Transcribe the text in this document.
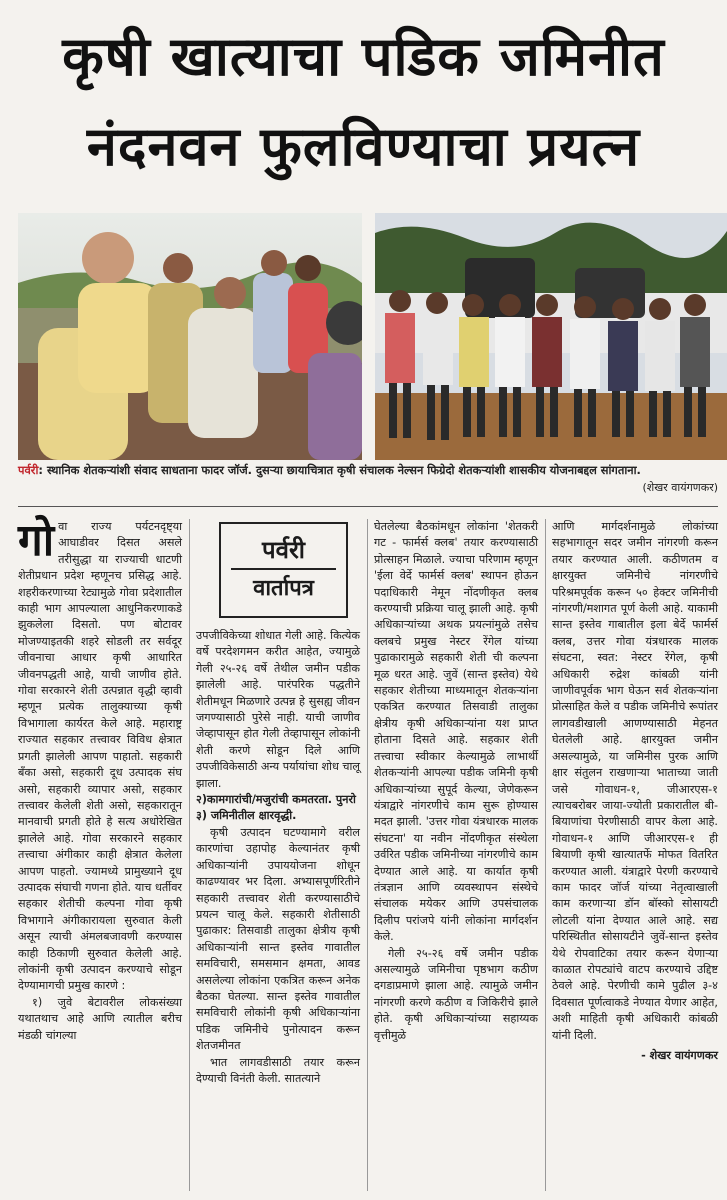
कृषी खात्याचा पडिक जमिनीत
नंदनवन फुलविण्याचा प्रयत्न
पर्वरी: स्थानिक शेतकऱ्यांशी संवाद साधताना फादर जॉर्ज. दुसऱ्या छायाचित्रात कृषी संचालक नेल्सन फिग्रेदो शेतकऱ्यांशी शासकीय योजनाबद्दल सांगताना.
(शेखर वायंगणकर)

गोवा राज्य पर्यटनदृष्ट्या आघाडीवर दिसत असले तरीसुद्धा या राज्याची धाटणी शेतीप्रधान प्रदेश म्हणूनच प्रसिद्ध आहे. शहरीकरणाच्या रेट्यामुळे गोवा प्रदेशातील काही भाग आपल्याला आधुनिकरणाकडे झुकलेला दिसतो. पण बोटावर मोजण्याइतकी शहरे सोडली तर सर्वदूर जीवनाचा आधार कृषी आधारित जीवनपद्धती आहे, याची जाणीव होते. गोवा सरकारने शेती उत्पन्नात वृद्धी व्हावी म्हणून प्रत्येक तालुक्याच्या कृषी विभागाला कार्यरत केले आहे. महाराष्ट्र राज्यात सहकार तत्त्वावर विविध क्षेत्रात प्रगती झालेली आपण पाहातो. सहकारी बँका असो, सहकारी दूध उत्पादक संघ असो, सहकारी व्यापार असो, सहकार तत्त्वावर केलेली शेती असो, सहकारातून मानवाची प्रगती होते हे सत्य अधोरेखित झालेले आहे. गोवा सरकारने सहकार तत्त्वाचा अंगीकार काही क्षेत्रात केलेला आपण पाहतो. ज्यामध्ये प्रामुख्याने दूध उत्पादक संघाची गणना होते. याच धर्तीवर सहकार शेतीची कल्पना गोवा कृषी विभागाने अंगीकारायला सुरुवात केली असून त्याची अंमलबजावणी करण्यास काही ठिकाणी सुरुवात केलेली आहे. लोकांनी कृषी उत्पादन करण्याचे सोडून देण्यामागची प्रमुख कारणे :

१) जुवे बेटावरील लोकसंख्या यथातथाच आहे आणि त्यातील बरीच मंडळी चांगल्या

पर्वरी
वार्तापत्र

उपजीविकेच्या शोधात गेली आहे. कित्येक वर्षे परदेशगमन करीत आहेत, ज्यामुळे गेली २५-२६ वर्षे तेथील जमीन पडीक झालेली आहे. पारंपरिक पद्धतीने शेतीमधून मिळणारे उत्पन्न हे सुसह्य जीवन जगण्यासाठी पुरेसे नाही. याची जाणीव जेव्हापासून होत गेली तेव्हापासून लोकांनी शेती करणे सोडून दिले आणि उपजीविकेसाठी अन्य पर्यायांचा शोध चालू झाला.

२)कामगारांची/मजुरांची कमतरता. पुनरो

३) जमिनीतील क्षारवृद्धी.

कृषी उत्पादन घटण्यामागे वरील कारणांचा उहापोह केल्यानंतर कृषी अधिकाऱ्यांनी उपाययोजना शोधून काढण्यावर भर दिला. अभ्यासपूर्णरितीने सहकारी तत्त्वावर शेती करण्यासाठीचे प्रयत्न चालू केले. सहकारी शेतीसाठी पुढाकार: तिसवाडी तालुका क्षेत्रीय कृषी अधिकाऱ्यांनी सान्त इस्तेव गावातील समविचारी, समसमान क्षमता, आवड असलेल्या लोकांना एकत्रित करून अनेक बैठका घेतल्या. सान्त इस्तेव गावातील समविचारी लोकांनी कृषी अधिकाऱ्यांना पडिक जमिनीचे पुनोत्पादन करून शेतजमीनत

भात लागवडीसाठी तयार करून देण्याची विनंती केली. सातत्याने

घेतलेल्या बैठकांमधून लोकांना 'शेतकरी गट - फार्मर्स क्लब' तयार करण्यासाठी प्रोत्साहन मिळाले. ज्याचा परिणाम म्हणून 'ईला वेर्दे फार्मर्स क्लब' स्थापन होऊन पदाधिकारी नेमून नोंदणीकृत क्लब करण्याची प्रक्रिया चालू झाली आहे. कृषी अधिकाऱ्यांच्या अथक प्रयत्नांमुळे तसेच क्लबचे प्रमुख नेस्टर रेंगेल यांच्या पुढाकारामुळे सहकारी शेती ची कल्पना मूळ धरत आहे. जुवें (सान्त इस्तेव) येथे सहकार शेतीच्या माध्यमातून शेतकऱ्यांना एकत्रित करण्यात तिसवाडी तालुका क्षेत्रीय कृषी अधिकाऱ्यांना यश प्राप्त होताना दिसते आहे. सहकार शेती तत्त्वाचा स्वीकार केल्यामुळे लाभार्थी शेतकऱ्यांनी आपल्या पडीक जमिनी कृषी अधिकाऱ्यांच्या सुपूर्द केल्या, जेणेकरून यंत्राद्वारे नांगरणीचे काम सुरू होण्यास मदत झाली. 'उत्तर गोवा यंत्रधारक मालक संघटना' या नवीन नोंदणीकृत संस्थेला उर्वरित पडीक जमिनीच्या नांगरणीचे काम देण्यात आले आहे. या कार्यात कृषी तंत्रज्ञान आणि व्यवस्थापन संस्थेचे संचालक मयेकर आणि उपसंचालक दिलीप परांजपे यांनी लोकांना मार्गदर्शन केले.

गेली २५-२६ वर्षे जमीन पडीक असल्यामुळे जमिनीचा पृष्ठभाग कठीण दगडाप्रमाणे झाला आहे. त्यामुळे जमीन नांगरणी करणे कठीण व जिकिरीचे झाले होते. कृषी अधिकाऱ्यांच्या सहाय्यक वृत्तीमुळे

आणि मार्गदर्शनामुळे लोकांच्या सहभागातून सदर जमीन नांगरणी करून तयार करण्यात आली. कठीणतम व क्षारयुक्त जमिनीचे नांगरणीचे परिश्रमपूर्वक करून ५० हेक्टर जमिनीची नांगरणी/मशागत पूर्ण केली आहे. याकामी सान्त इस्तेव गाबातील इला बेर्दे फार्मर्स क्लब, उत्तर गोवा यंत्रधारक मालक संघटना, स्वत: नेस्टर रेंगेल, कृषी अधिकारी रुद्रेश कांबळी यांनी जाणीवपूर्वक भाग घेऊन सर्व शेतकऱ्यांना प्रोत्साहित केले व पडीक जमिनीचे रूपांतर लागवडीखाली आणण्यासाठी मेहनत घेतलेली आहे. क्षारयुक्त जमीन असल्यामुळे, या जमिनीस पुरक आणि क्षार संतुलन राखणाऱ्या भाताच्या जाती जसे गोवाधन-१, जीआरएस-१ त्याचबरोबर जाया-ज्योती प्रकारातील बी-बियाणांचा पेरणीसाठी वापर केला आहे. गोवाधन-१ आणि जीआरएस-१ ही बियाणी कृषी खात्यातर्फे मोफत वितरित करण्यात आली. यंत्राद्वारे पेरणी करण्याचे काम फादर जॉर्ज यांच्या नेतृत्वाखाली काम करणाऱ्या डॉन बॉस्को सोसायटी लोटली यांना देण्यात आले आहे. सद्य परिस्थितीत सोसायटीने जुवें-सान्त इस्तेव येथे रोपवाटिका तयार करून येणाऱ्या काळात रोपट्यांचे वाटप करण्याचे उद्दिष्ट ठेवले आहे. पेरणीची कामे पुढील ३-४ दिवसात पूर्णत्वाकडे नेण्यात येणार आहेत, अशी माहिती कृषी अधिकारी कांबळी यांनी दिली.

- शेखर वायंगणकर
